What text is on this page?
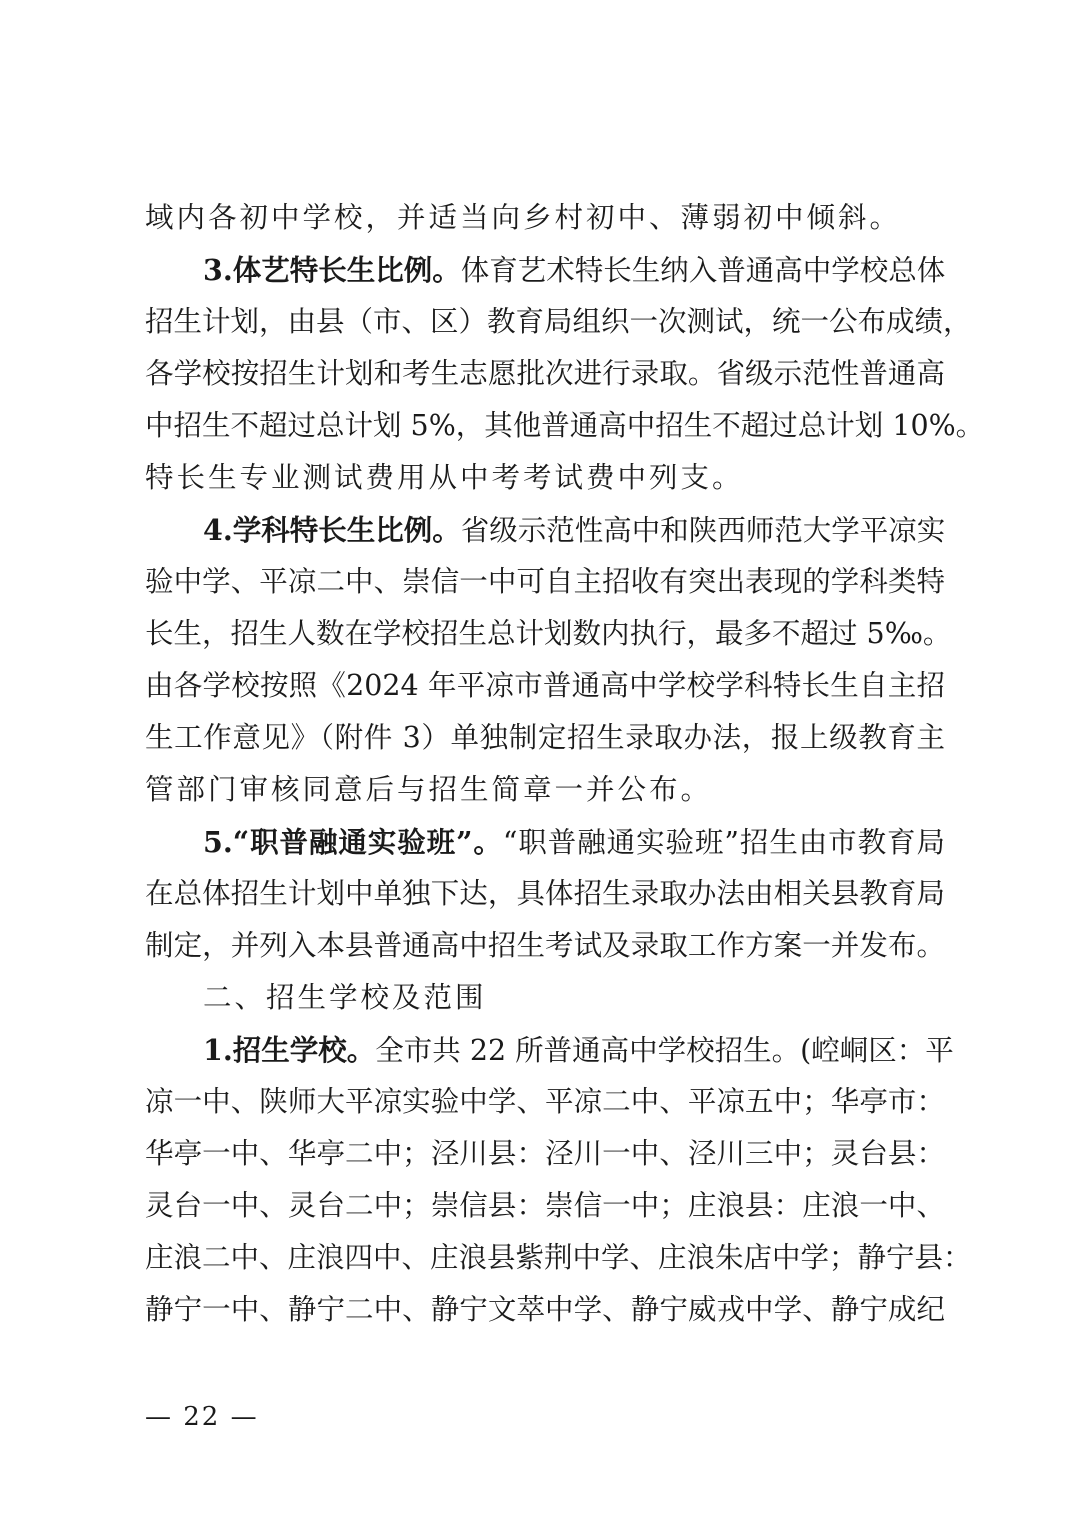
域内各初中学校，并适当向乡村初中、薄弱初中倾斜。
3.体艺特长生比例。体育艺术特长生纳入普通高中学校总体
招生计划，由县（市、区）教育局组织一次测试，统一公布成绩，
各学校按招生计划和考生志愿批次进行录取。省级示范性普通高
中招生不超过总计划 5%，其他普通高中招生不超过总计划 10%。
特长生专业测试费用从中考考试费中列支。
4.学科特长生比例。省级示范性高中和陕西师范大学平凉实
验中学、平凉二中、崇信一中可自主招收有突出表现的学科类特
长生，招生人数在学校招生总计划数内执行，最多不超过 5‰。
由各学校按照《2024 年平凉市普通高中学校学科特长生自主招
生工作意见》（附件 3）单独制定招生录取办法，报上级教育主
管部门审核同意后与招生简章一并公布。
5.“职普融通实验班”。“职普融通实验班”招生由市教育局
在总体招生计划中单独下达，具体招生录取办法由相关县教育局
制定，并列入本县普通高中招生考试及录取工作方案一并发布。
二、招生学校及范围
1.招生学校。全市共 22 所普通高中学校招生。(崆峒区：平
凉一中、陕师大平凉实验中学、平凉二中、平凉五中；华亭市：
华亭一中、华亭二中；泾川县：泾川一中、泾川三中；灵台县：
灵台一中、灵台二中；崇信县：崇信一中；庄浪县：庄浪一中、
庄浪二中、庄浪四中、庄浪县紫荆中学、庄浪朱店中学；静宁县：
静宁一中、静宁二中、静宁文萃中学、静宁威戎中学、静宁成纪
— 22 —
